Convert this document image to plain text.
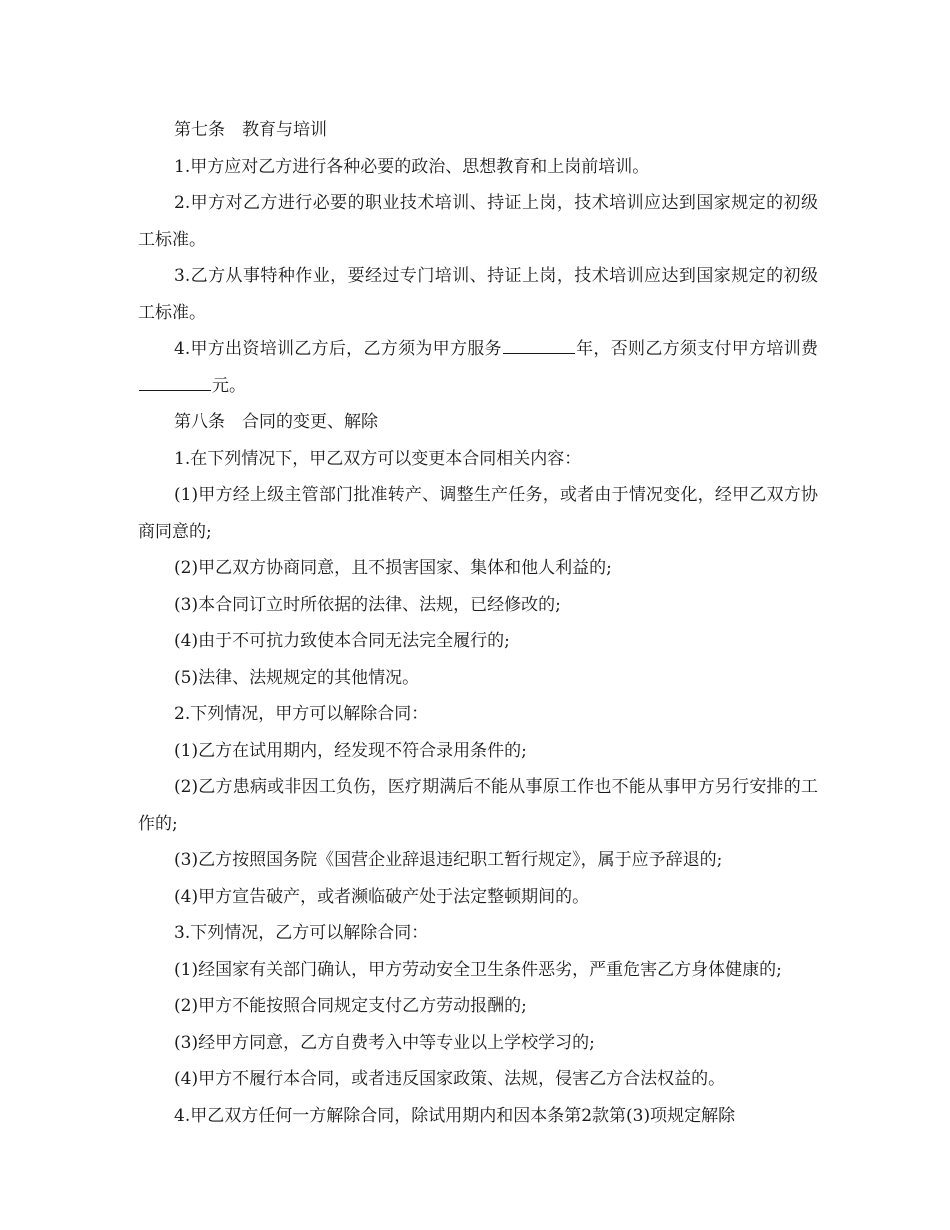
第七条　教育与培训

1.甲方应对乙方进行各种必要的政治、思想教育和上岗前培训。

2.甲方对乙方进行必要的职业技术培训、持证上岗，技术培训应达到国家规定的初级工标准。

3.乙方从事特种作业，要经过专门培训、持证上岗，技术培训应达到国家规定的初级工标准。

4.甲方出资培训乙方后，乙方须为甲方服务	年，否则乙方须支付甲方培训费元。

第八条　合同的变更、解除

1.在下列情况下，甲乙双方可以变更本合同相关内容：

(1)甲方经上级主管部门批准转产、调整生产任务，或者由于情况变化，经甲乙双方协商同意的;

(2)甲乙双方协商同意，且不损害国家、集体和他人利益的;

(3)本合同订立时所依据的法律、法规，已经修改的;

(4)由于不可抗力致使本合同无法完全履行的;

(5)法律、法规规定的其他情况。

2.下列情况，甲方可以解除合同：

(1)乙方在试用期内，经发现不符合录用条件的;

(2)乙方患病或非因工负伤，医疗期满后不能从事原工作也不能从事甲方另行安排的工作的;

(3)乙方按照国务院《国营企业辞退违纪职工暂行规定》，属于应予辞退的;

(4)甲方宣告破产，或者濒临破产处于法定整顿期间的。

3.下列情况，乙方可以解除合同：

(1)经国家有关部门确认，甲方劳动安全卫生条件恶劣，严重危害乙方身体健康的;

(2)甲方不能按照合同规定支付乙方劳动报酬的;

(3)经甲方同意，乙方自费考入中等专业以上学校学习的;

(4)甲方不履行本合同，或者违反国家政策、法规，侵害乙方合法权益的。

4.甲乙双方任何一方解除合同，除试用期内和因本条第2款第(3)项规定解除
